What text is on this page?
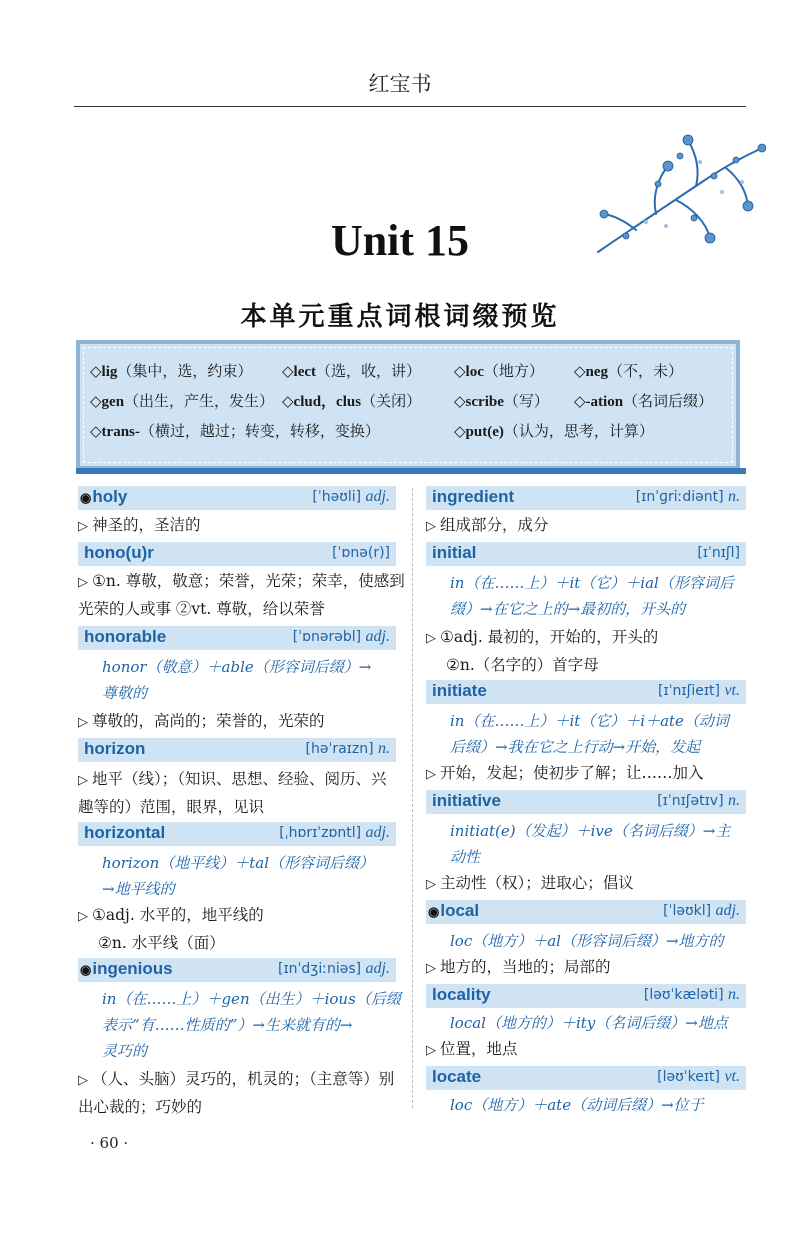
红宝书
Unit 15
本单元重点词根词缀预览
◇lig（集中，选，约束） ◇lect（选，收，讲） ◇loc（地方） ◇neg（不，未）
◇gen（出生，产生，发生） ◇clud，clus（关闭） ◇scribe（写） ◇-ation（名词后缀）
◇trans-（横过，越过；转变，转移，变换）	◇put(e)（认为，思考，计算）
◉holy	[ˈhəʊli] adj.
▷ 神圣的，圣洁的
hono(u)r	[ˈɒnə(r)]
▷ ①n. 尊敬，敬意；荣誉，光荣；荣幸，使感到
光荣的人或事 ②vt. 尊敬，给以荣誉
honorable	[ˈɒnərəbl] adj.
honor（敬意）＋able（形容词后缀）→
尊敬的
▷ 尊敬的，高尚的；荣誉的，光荣的
horizon	[həˈraɪzn] n.
▷ 地平（线）；（知识、思想、经验、阅历、兴
趣等的）范围，眼界，见识
horizontal	[ˌhɒrɪˈzɒntl] adj.
horizon（地平线）＋tal（形容词后缀）
→地平线的
▷ ①adj. 水平的，地平线的
②n. 水平线（面）
◉ingenious	[ɪnˈdʒiːniəs] adj.
in（在……上）＋gen（出生）＋ious（后缀
表示“有……性质的”）→生来就有的→
灵巧的
▷ （人、头脑）灵巧的，机灵的；（主意等）别
出心裁的；巧妙的
ingredient	[ɪnˈɡriːdiənt] n.
▷ 组成部分，成分
initial	[ɪˈnɪʃl]
in（在……上）＋it（它）＋ial（形容词后
缀）→在它之上的→最初的，开头的
▷ ①adj. 最初的，开始的，开头的
②n.（名字的）首字母
initiate	[ɪˈnɪʃieɪt] vt.
in（在……上）＋it（它）＋i＋ate（动词
后缀）→我在它之上行动→开始，发起
▷ 开始，发起；使初步了解；让……加入
initiative	[ɪˈnɪʃətɪv] n.
initiat(e)（发起）＋ive（名词后缀）→主
动性
▷ 主动性（权）；进取心；倡议
◉local	[ˈləʊkl] adj.
loc（地方）＋al（形容词后缀）→地方的
▷ 地方的，当地的；局部的
locality	[ləʊˈkæləti] n.
local（地方的）＋ity（名词后缀）→地点
▷ 位置，地点
locate	[ləʊˈkeɪt] vt.
loc（地方）＋ate（动词后缀）→位于
· 60 ·
